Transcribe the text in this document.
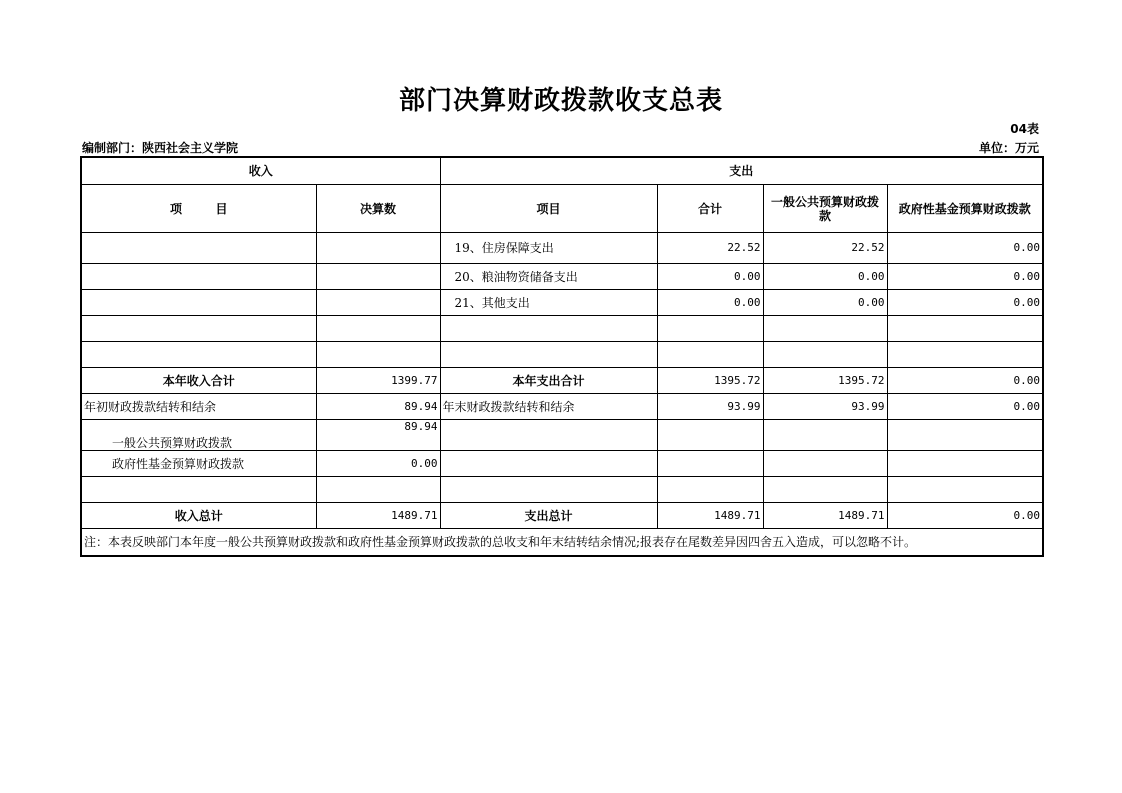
部门决算财政拨款收支总表
04表
编制部门：陕西社会主义学院	单位：万元
收入		支出			
项        目	决算数	项目	合计	一般公共预算财政拨款	政府性基金预算财政拨款
		19、住房保障支出	22.52	22.52	0.00
		20、粮油物资储备支出	0.00	0.00	0.00
		21、其他支出	0.00	0.00	0.00

本年收入合计	1399.77	本年支出合计	1395.72	1395.72	0.00
年初财政拨款结转和结余	89.94	年末财政拨款结转和结余	93.99	93.99	0.00
一般公共预算财政拨款	89.94				
政府性基金预算财政拨款	0.00				

收入总计	1489.71	支出总计	1489.71	1489.71	0.00
注：本表反映部门本年度一般公共预算财政拨款和政府性基金预算财政拨款的总收支和年末结转结余情况;报表存在尾数差异因四舍五入造成，可以忽略不计。					
